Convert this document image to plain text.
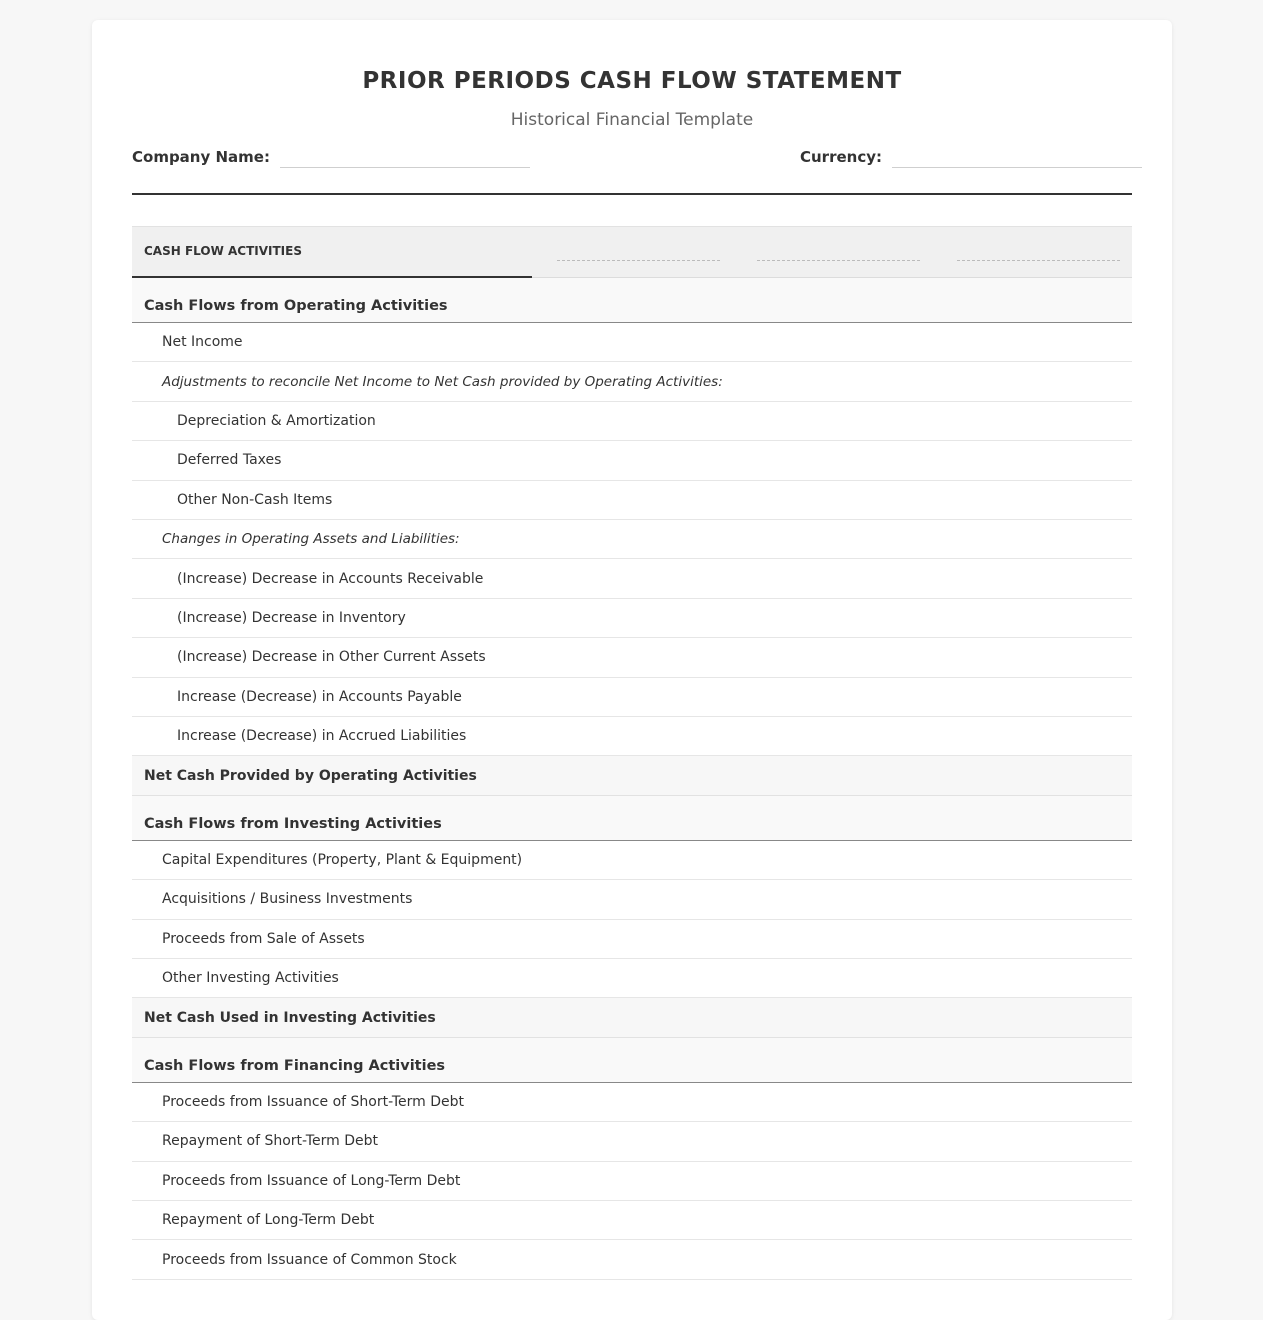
PRIOR PERIODS CASH FLOW STATEMENT
Historical Financial Template
Company Name:	Currency:
CASH FLOW ACTIVITIES
Cash Flows from Operating Activities
Net Income
Adjustments to reconcile Net Income to Net Cash provided by Operating Activities:
Depreciation & Amortization
Deferred Taxes
Other Non-Cash Items
Changes in Operating Assets and Liabilities:
(Increase) Decrease in Accounts Receivable
(Increase) Decrease in Inventory
(Increase) Decrease in Other Current Assets
Increase (Decrease) in Accounts Payable
Increase (Decrease) in Accrued Liabilities
Net Cash Provided by Operating Activities
Cash Flows from Investing Activities
Capital Expenditures (Property, Plant & Equipment)
Acquisitions / Business Investments
Proceeds from Sale of Assets
Other Investing Activities
Net Cash Used in Investing Activities
Cash Flows from Financing Activities
Proceeds from Issuance of Short-Term Debt
Repayment of Short-Term Debt
Proceeds from Issuance of Long-Term Debt
Repayment of Long-Term Debt
Proceeds from Issuance of Common Stock
